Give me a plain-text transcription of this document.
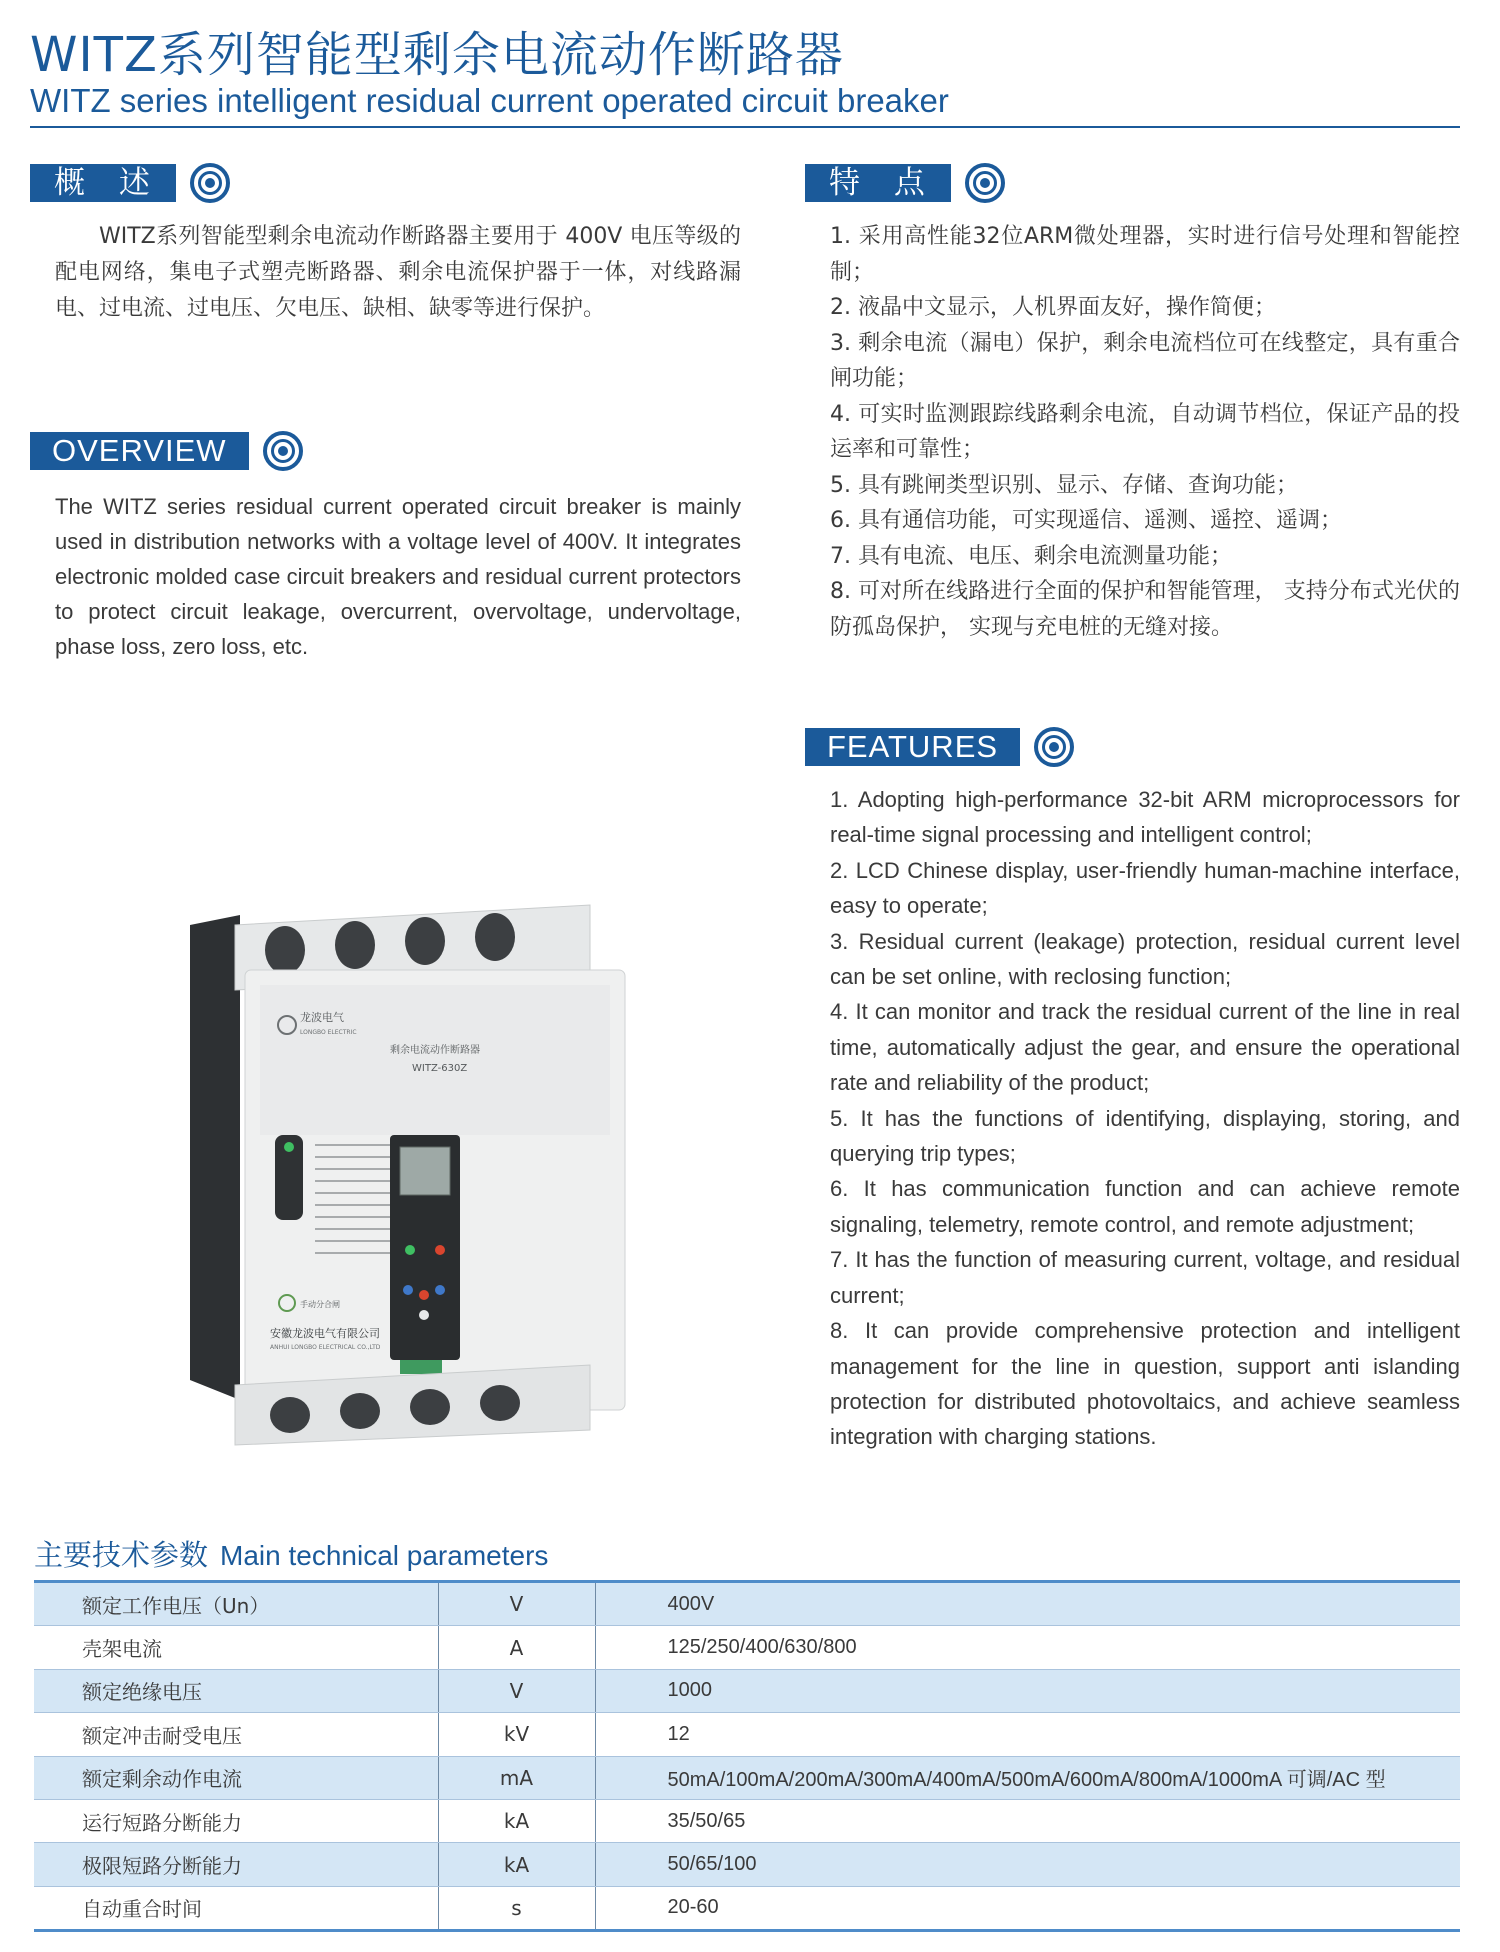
WITZ系列智能型剩余电流动作断路器
WITZ series intelligent residual current operated circuit breaker
概 述

WITZ系列智能型剩余电流动作断路器主要用于 400V 电压等级的配电网络，集电子式塑壳断路器、剩余电流保护器于一体，对线路漏电、过电流、过电压、欠电压、缺相、缺零等进行保护。

OVERVIEW

The WITZ series residual current operated circuit breaker is mainly used in distribution networks with a voltage level of 400V. It integrates electronic molded case circuit breakers and residual current protectors to protect circuit leakage, overcurrent, overvoltage, undervoltage, phase loss, zero loss, etc.

特 点
1. 采用高性能32位ARM微处理器，实时进行信号处理和智能控制；
2. 液晶中文显示，人机界面友好，操作简便；
3. 剩余电流（漏电）保护，剩余电流档位可在线整定，具有重合闸功能；
4. 可实时监测跟踪线路剩余电流，自动调节档位，保证产品的投运率和可靠性；
5. 具有跳闸类型识别、显示、存储、查询功能；
6. 具有通信功能，可实现遥信、遥测、遥控、遥调；
7. 具有电流、电压、剩余电流测量功能；
8. 可对所在线路进行全面的保护和智能管理， 支持分布式光伏的防孤岛保护， 实现与充电桩的无缝对接。
FEATURES
1. Adopting high-performance 32-bit ARM microprocessors for real-time signal processing and intelligent control;
2. LCD Chinese display, user-friendly human-machine interface, easy to operate;
3. Residual current (leakage) protection, residual current level can be set online, with reclosing function;
4. It can monitor and track the residual current of the line in real time, automatically adjust the gear, and ensure the operational rate and reliability of the product;
5. It has the functions of identifying, displaying, storing, and querying trip types;
6. It has communication function and can achieve remote signaling, telemetry, remote control, and remote adjustment;
7. It has the function of measuring current, voltage, and residual current;
8. It can provide comprehensive protection and intelligent management for the line in question, support anti islanding protection for distributed photovoltaics, and achieve seamless integration with charging stations.
龙波电气
LONGBO ELECTRIC
剩余电流动作断路器
WITZ-630Z
手动分合闸
安徽龙波电气有限公司
ANHUI LONGBO ELECTRICAL CO.,LTD
主要技术参数 Main technical parameters
额定工作电压（Un）	V	400V
壳架电流	A	125/250/400/630/800
额定绝缘电压	V	1000
额定冲击耐受电压	kV	12
额定剩余动作电流	mA	50mA/100mA/200mA/300mA/400mA/500mA/600mA/800mA/1000mA 可调/AC 型
运行短路分断能力	kA	35/50/65
极限短路分断能力	kA	50/65/100
自动重合时间	s	20-60
